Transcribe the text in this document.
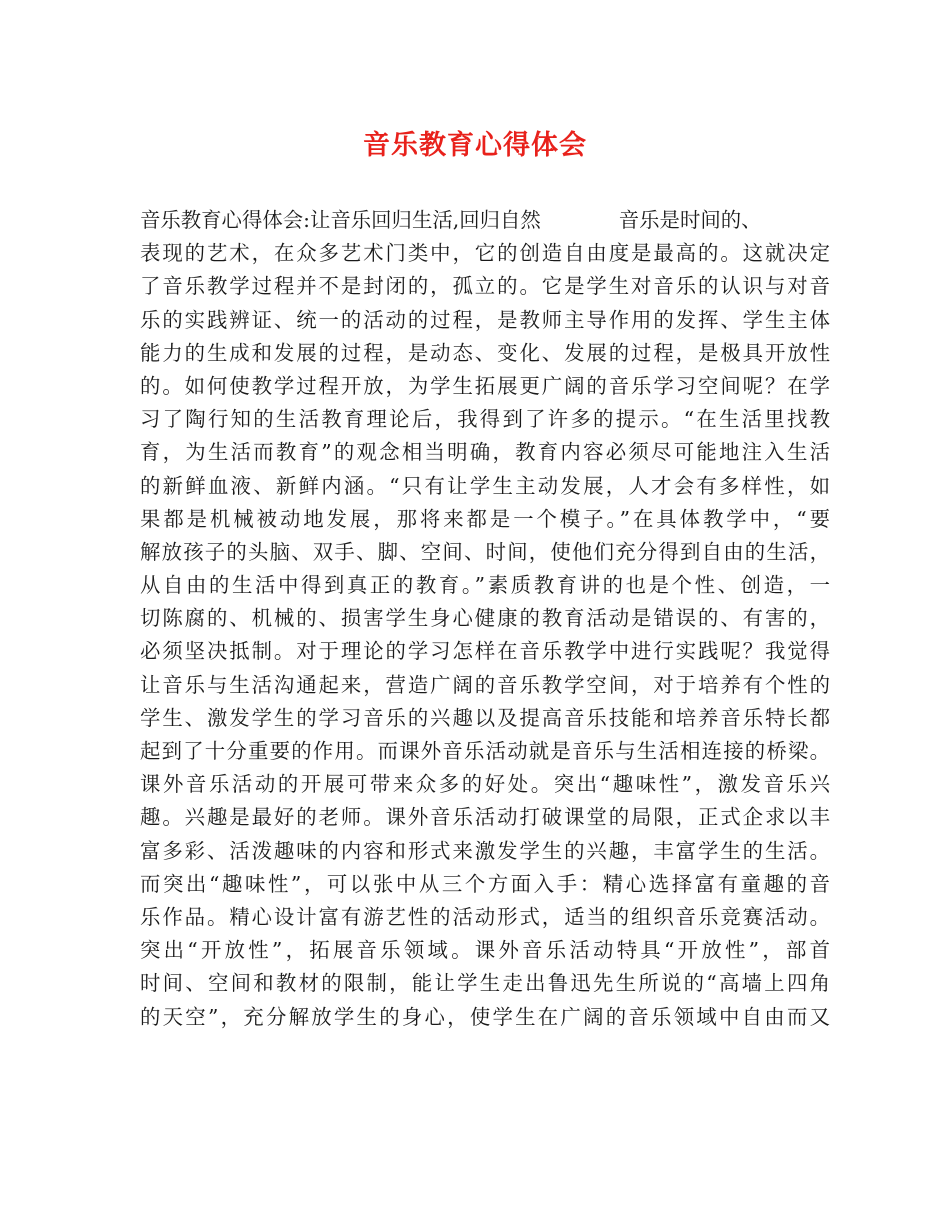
音乐教育心得体会
音乐教育心得体会:让音乐回归生活,回归自然	音乐是时间的、
表现的艺术，在众多艺术门类中，它的创造自由度是最高的。这就决定
了音乐教学过程并不是封闭的，孤立的。它是学生对音乐的认识与对音
乐的实践辨证、统一的活动的过程，是教师主导作用的发挥、学生主体
能力的生成和发展的过程，是动态、变化、发展的过程，是极具开放性
的。如何使教学过程开放，为学生拓展更广阔的音乐学习空间呢？在学
习了陶行知的生活教育理论后，我得到了许多的提示。“在生活里找教
育，为生活而教育”的观念相当明确，教育内容必须尽可能地注入生活
的新鲜血液、新鲜内涵。“只有让学生主动发展，人才会有多样性，如
果都是机械被动地发展，那将来都是一个模子。”在具体教学中，“要
解放孩子的头脑、双手、脚、空间、时间，使他们充分得到自由的生活，
从自由的生活中得到真正的教育。”素质教育讲的也是个性、创造，一
切陈腐的、机械的、损害学生身心健康的教育活动是错误的、有害的，
必须坚决抵制。对于理论的学习怎样在音乐教学中进行实践呢？我觉得
让音乐与生活沟通起来，营造广阔的音乐教学空间，对于培养有个性的
学生、激发学生的学习音乐的兴趣以及提高音乐技能和培养音乐特长都
起到了十分重要的作用。而课外音乐活动就是音乐与生活相连接的桥梁。
课外音乐活动的开展可带来众多的好处。突出“趣味性”，激发音乐兴
趣。兴趣是最好的老师。课外音乐活动打破课堂的局限，正式企求以丰
富多彩、活泼趣味的内容和形式来激发学生的兴趣，丰富学生的生活。
而突出“趣味性”，可以张中从三个方面入手：精心选择富有童趣的音
乐作品。精心设计富有游艺性的活动形式，适当的组织音乐竞赛活动。
突出“开放性”，拓展音乐领域。课外音乐活动特具“开放性”，部首
时间、空间和教材的限制，能让学生走出鲁迅先生所说的“高墙上四角
的天空”，充分解放学生的身心，使学生在广阔的音乐领域中自由而又
